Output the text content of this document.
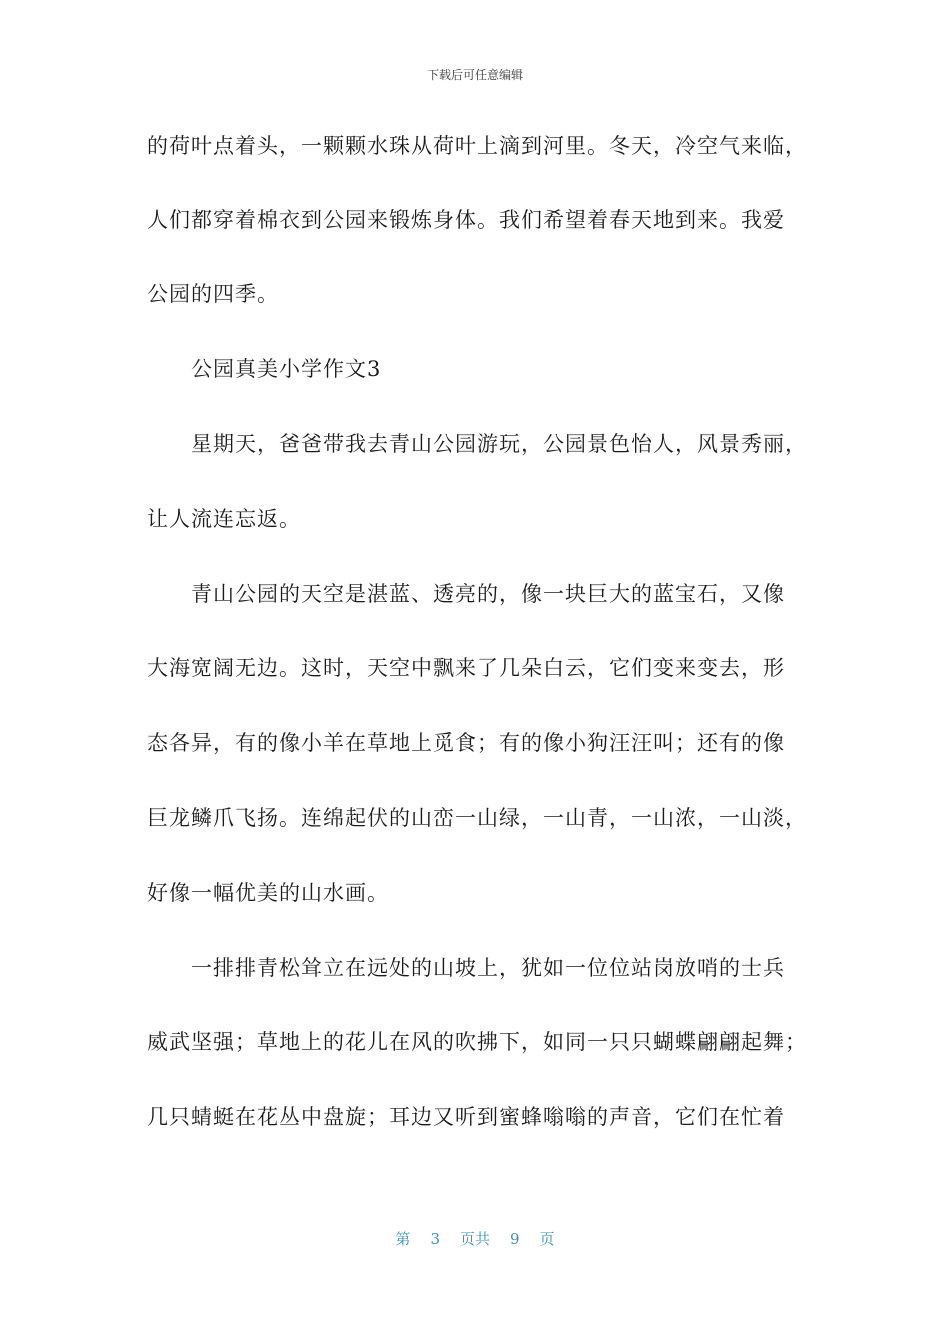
下载后可任意编辑
的荷叶点着头，一颗颗水珠从荷叶上滴到河里。冬天，冷空气来临，
人们都穿着棉衣到公园来锻炼身体。我们希望着春天地到来。我爱
公园的四季。
　　公园真美小学作文3
　　星期天，爸爸带我去青山公园游玩，公园景色怡人，风景秀丽，
让人流连忘返。
　　青山公园的天空是湛蓝、透亮的，像一块巨大的蓝宝石，又像
大海宽阔无边。这时，天空中飘来了几朵白云，它们变来变去，形
态各异，有的像小羊在草地上觅食；有的像小狗汪汪叫；还有的像
巨龙鳞爪飞扬。连绵起伏的山峦一山绿，一山青，一山浓，一山淡，
好像一幅优美的山水画。
　　一排排青松耸立在远处的山坡上，犹如一位位站岗放哨的士兵
威武坚强；草地上的花儿在风的吹拂下，如同一只只蝴蝶翩翩起舞；
几只蜻蜓在花丛中盘旋；耳边又听到蜜蜂嗡嗡的声音，它们在忙着
第 3 页共 9 页
